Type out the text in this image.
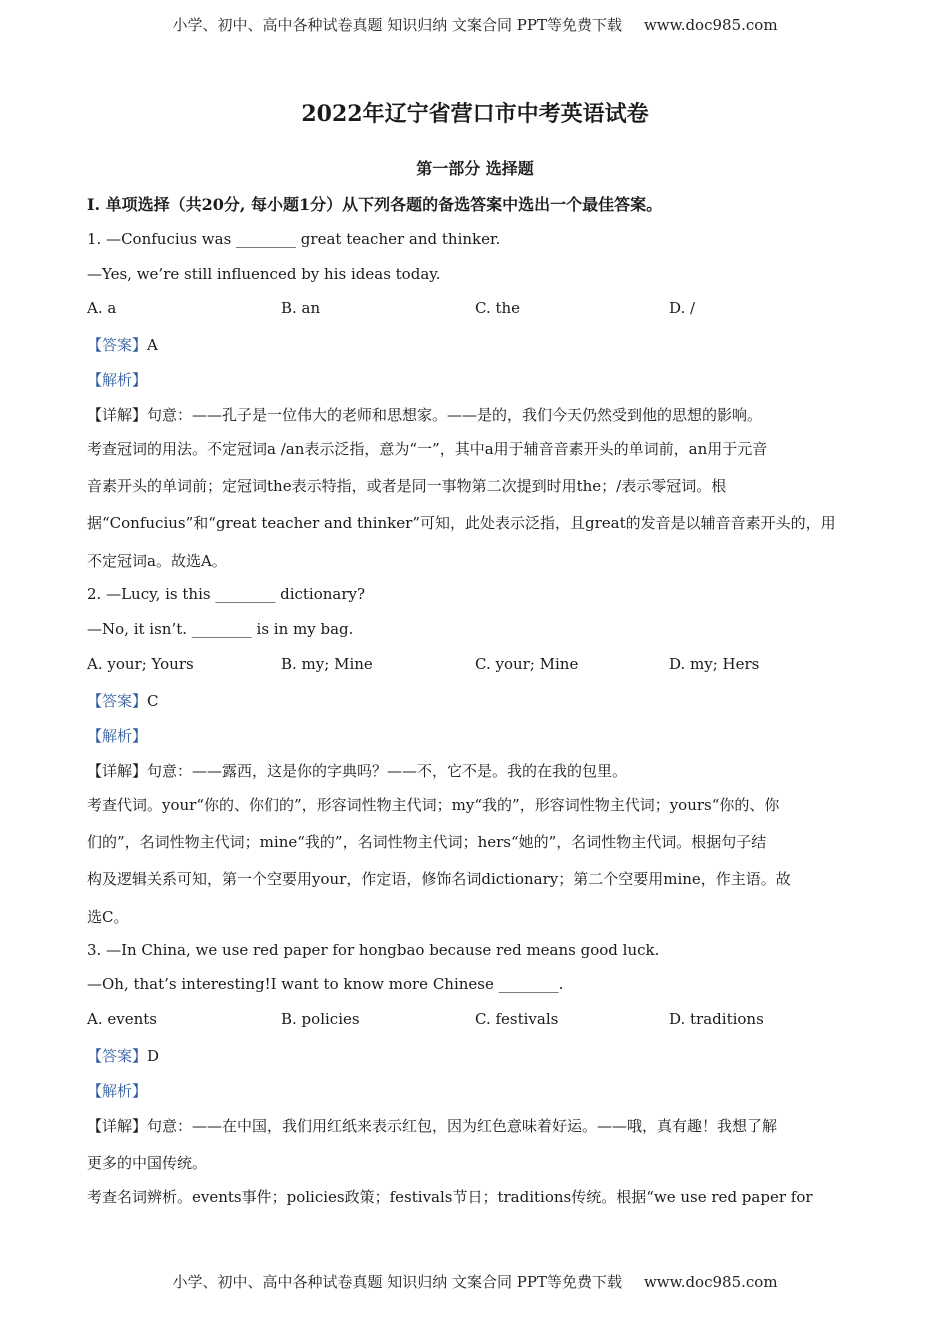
小学、初中、高中各种试卷真题 知识归纳 文案合同 PPT等免费下载 www.doc985.com
2022年辽宁省营口市中考英语试卷
第一部分 选择题
I. 单项选择（共20分, 每小题1分）从下列各题的备选答案中选出一个最佳答案。
1. —Confucius was ________ great teacher and thinker.
—Yes, we’re still influenced by his ideas today.
A. a	B. an	C. the	D. /
【答案】A
【解析】
【详解】句意：——孔子是一位伟大的老师和思想家。——是的，我们今天仍然受到他的思想的影响。
考查冠词的用法。不定冠词a /an表示泛指，意为“一”，其中a用于辅音音素开头的单词前，an用于元音
音素开头的单词前；定冠词the表示特指，或者是同一事物第二次提到时用the；/表示零冠词。根
据“Confucius”和“great teacher and thinker”可知，此处表示泛指，且great的发音是以辅音音素开头的，用
不定冠词a。故选A。
2. —Lucy, is this ________ dictionary?
—No, it isn’t. ________ is in my bag.
A. your; Yours	B. my; Mine	C. your; Mine	D. my; Hers
【答案】C
【解析】
【详解】句意：——露西，这是你的字典吗？——不，它不是。我的在我的包里。
考查代词。your“你的、你们的”，形容词性物主代词；my“我的”，形容词性物主代词；yours“你的、你
们的”，名词性物主代词；mine“我的”，名词性物主代词；hers“她的”，名词性物主代词。根据句子结
构及逻辑关系可知，第一个空要用your，作定语，修饰名词dictionary；第二个空要用mine，作主语。故
选C。
3. —In China, we use red paper for hongbao because red means good luck.
—Oh, that’s interesting!I want to know more Chinese ________.
A. events	B. policies	C. festivals	D. traditions
【答案】D
【解析】
【详解】句意：——在中国，我们用红纸来表示红包，因为红色意味着好运。——哦，真有趣！我想了解
更多的中国传统。
考查名词辨析。events事件；policies政策；festivals节日；traditions传统。根据“we use red paper for
小学、初中、高中各种试卷真题 知识归纳 文案合同 PPT等免费下载 www.doc985.com
